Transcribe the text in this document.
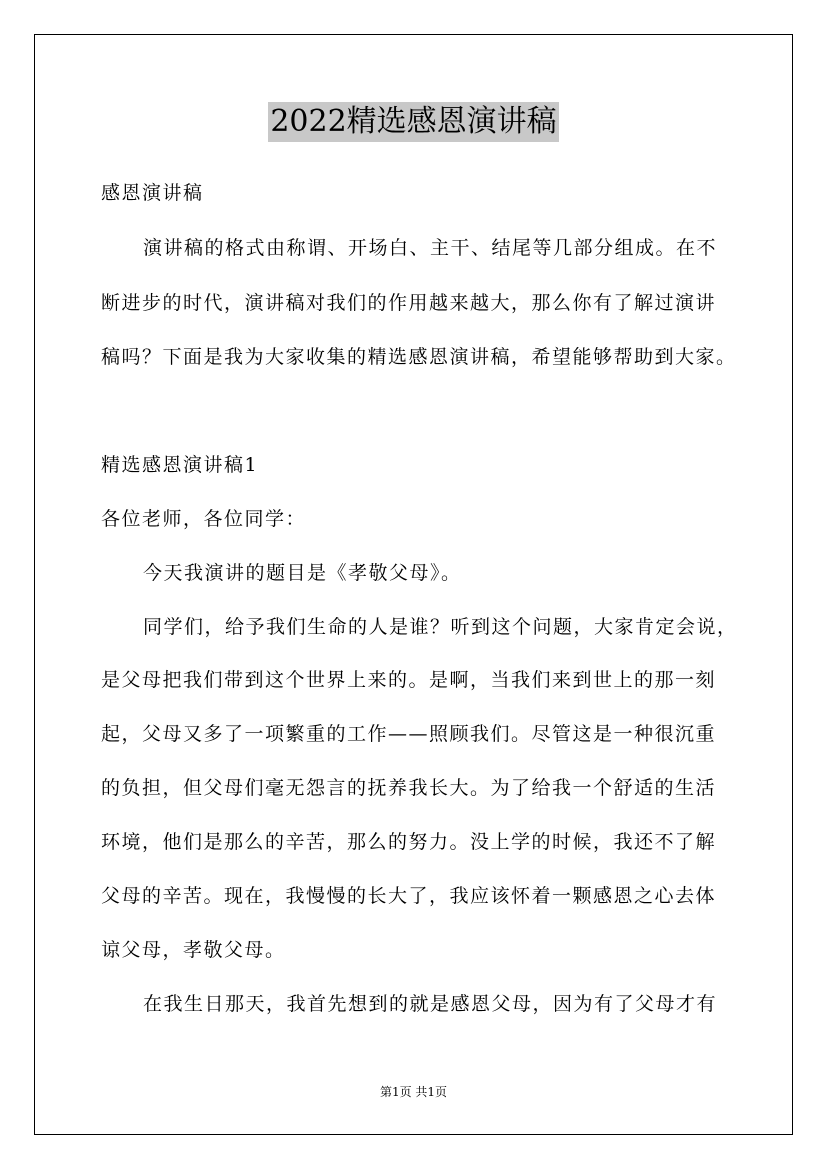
2022精选感恩演讲稿
感恩演讲稿
演讲稿的格式由称谓、开场白、主干、结尾等几部分组成。在不
断进步的时代，演讲稿对我们的作用越来越大，那么你有了解过演讲
稿吗？下面是我为大家收集的精选感恩演讲稿，希望能够帮助到大家。
精选感恩演讲稿1
各位老师，各位同学：
今天我演讲的题目是《孝敬父母》。
同学们，给予我们生命的人是谁？听到这个问题，大家肯定会说，
是父母把我们带到这个世界上来的。是啊，当我们来到世上的那一刻
起，父母又多了一项繁重的工作——照顾我们。尽管这是一种很沉重
的负担，但父母们毫无怨言的抚养我长大。为了给我一个舒适的生活
环境，他们是那么的辛苦，那么的努力。没上学的时候，我还不了解
父母的辛苦。现在，我慢慢的长大了，我应该怀着一颗感恩之心去体
谅父母，孝敬父母。
在我生日那天，我首先想到的就是感恩父母，因为有了父母才有
第1页 共1页
